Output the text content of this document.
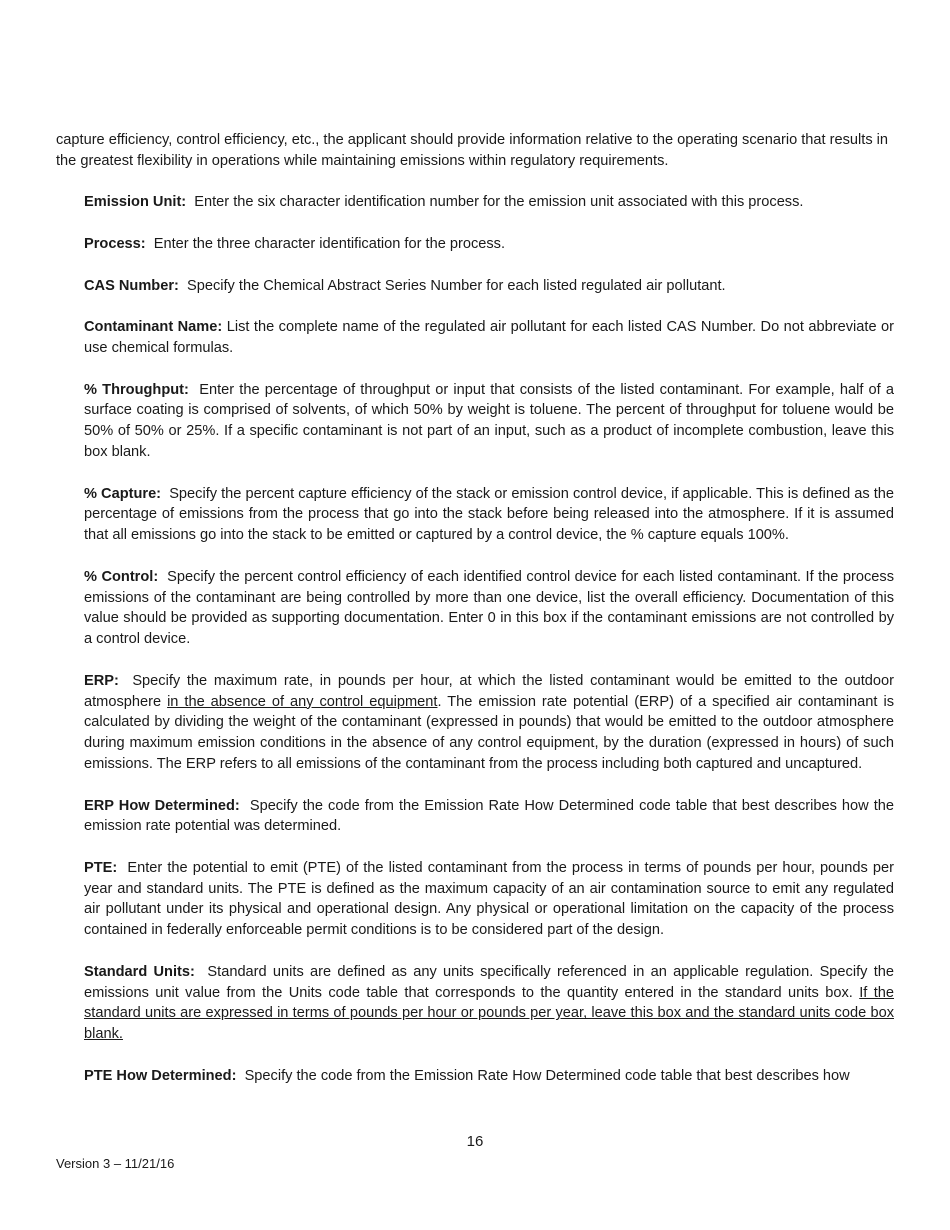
capture efficiency, control efficiency, etc., the applicant should provide information relative to the operating scenario that results in the greatest flexibility in operations while maintaining emissions within regulatory requirements.

Emission Unit: Enter the six character identification number for the emission unit associated with this process.

Process: Enter the three character identification for the process.

CAS Number: Specify the Chemical Abstract Series Number for each listed regulated air pollutant.

Contaminant Name: List the complete name of the regulated air pollutant for each listed CAS Number. Do not abbreviate or use chemical formulas.

% Throughput: Enter the percentage of throughput or input that consists of the listed contaminant. For example, half of a surface coating is comprised of solvents, of which 50% by weight is toluene. The percent of throughput for toluene would be 50% of 50% or 25%. If a specific contaminant is not part of an input, such as a product of incomplete combustion, leave this box blank.

% Capture: Specify the percent capture efficiency of the stack or emission control device, if applicable. This is defined as the percentage of emissions from the process that go into the stack before being released into the atmosphere. If it is assumed that all emissions go into the stack to be emitted or captured by a control device, the % capture equals 100%.

% Control: Specify the percent control efficiency of each identified control device for each listed contaminant. If the process emissions of the contaminant are being controlled by more than one device, list the overall efficiency. Documentation of this value should be provided as supporting documentation. Enter 0 in this box if the contaminant emissions are not controlled by a control device.

ERP: Specify the maximum rate, in pounds per hour, at which the listed contaminant would be emitted to the outdoor atmosphere in the absence of any control equipment. The emission rate potential (ERP) of a specified air contaminant is calculated by dividing the weight of the contaminant (expressed in pounds) that would be emitted to the outdoor atmosphere during maximum emission conditions in the absence of any control equipment, by the duration (expressed in hours) of such emissions. The ERP refers to all emissions of the contaminant from the process including both captured and uncaptured.

ERP How Determined: Specify the code from the Emission Rate How Determined code table that best describes how the emission rate potential was determined.

PTE: Enter the potential to emit (PTE) of the listed contaminant from the process in terms of pounds per hour, pounds per year and standard units. The PTE is defined as the maximum capacity of an air contamination source to emit any regulated air pollutant under its physical and operational design. Any physical or operational limitation on the capacity of the process contained in federally enforceable permit conditions is to be considered part of the design.

Standard Units: Standard units are defined as any units specifically referenced in an applicable regulation. Specify the emissions unit value from the Units code table that corresponds to the quantity entered in the standard units box. If the standard units are expressed in terms of pounds per hour or pounds per year, leave this box and the standard units code box blank.

PTE How Determined: Specify the code from the Emission Rate How Determined code table that best describes how

16
Version 3 – 11/21/16
